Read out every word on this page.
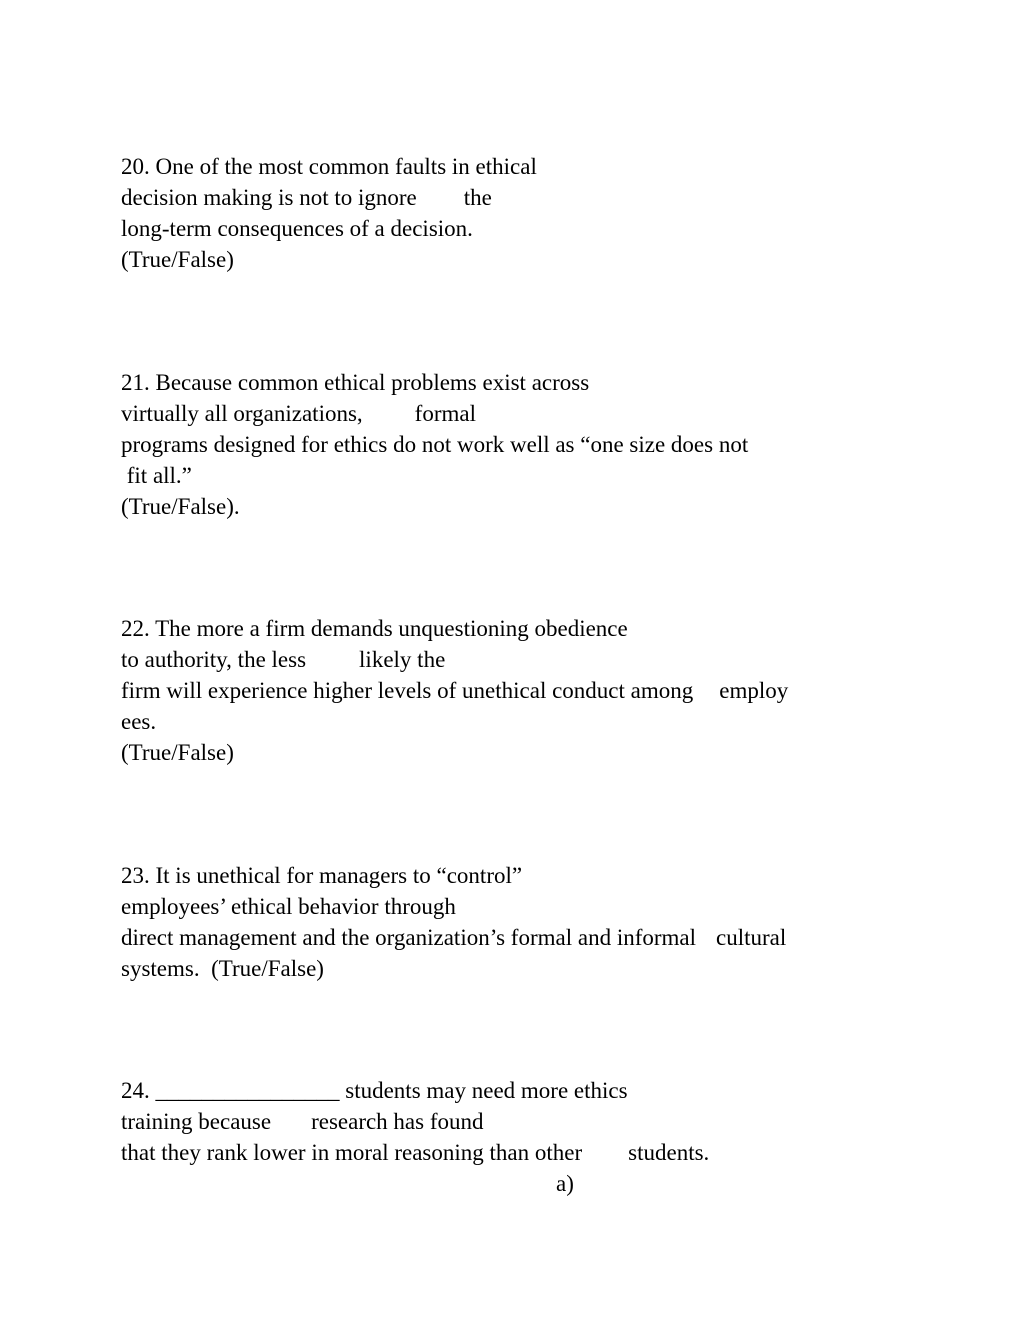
20. One of the most common faults in ethical
decision making is not to ignore the
long-term consequences of a decision.
(True/False)
21. Because common ethical problems exist across
virtually all organizations, formal
programs designed for ethics do not work well as “one size does not
fit all.”
(True/False).
22. The more a firm demands unquestioning obedience
to authority, the less likely the
firm will experience higher levels of unethical conduct among employ
ees.
(True/False)
23. It is unethical for managers to “control”
employees’ ethical behavior through
direct management and the organization’s formal and informal cultural
systems.  (True/False)
24. ________________ students may need more ethics
training because research has found
that they rank lower in moral reasoning than other students.
a)
